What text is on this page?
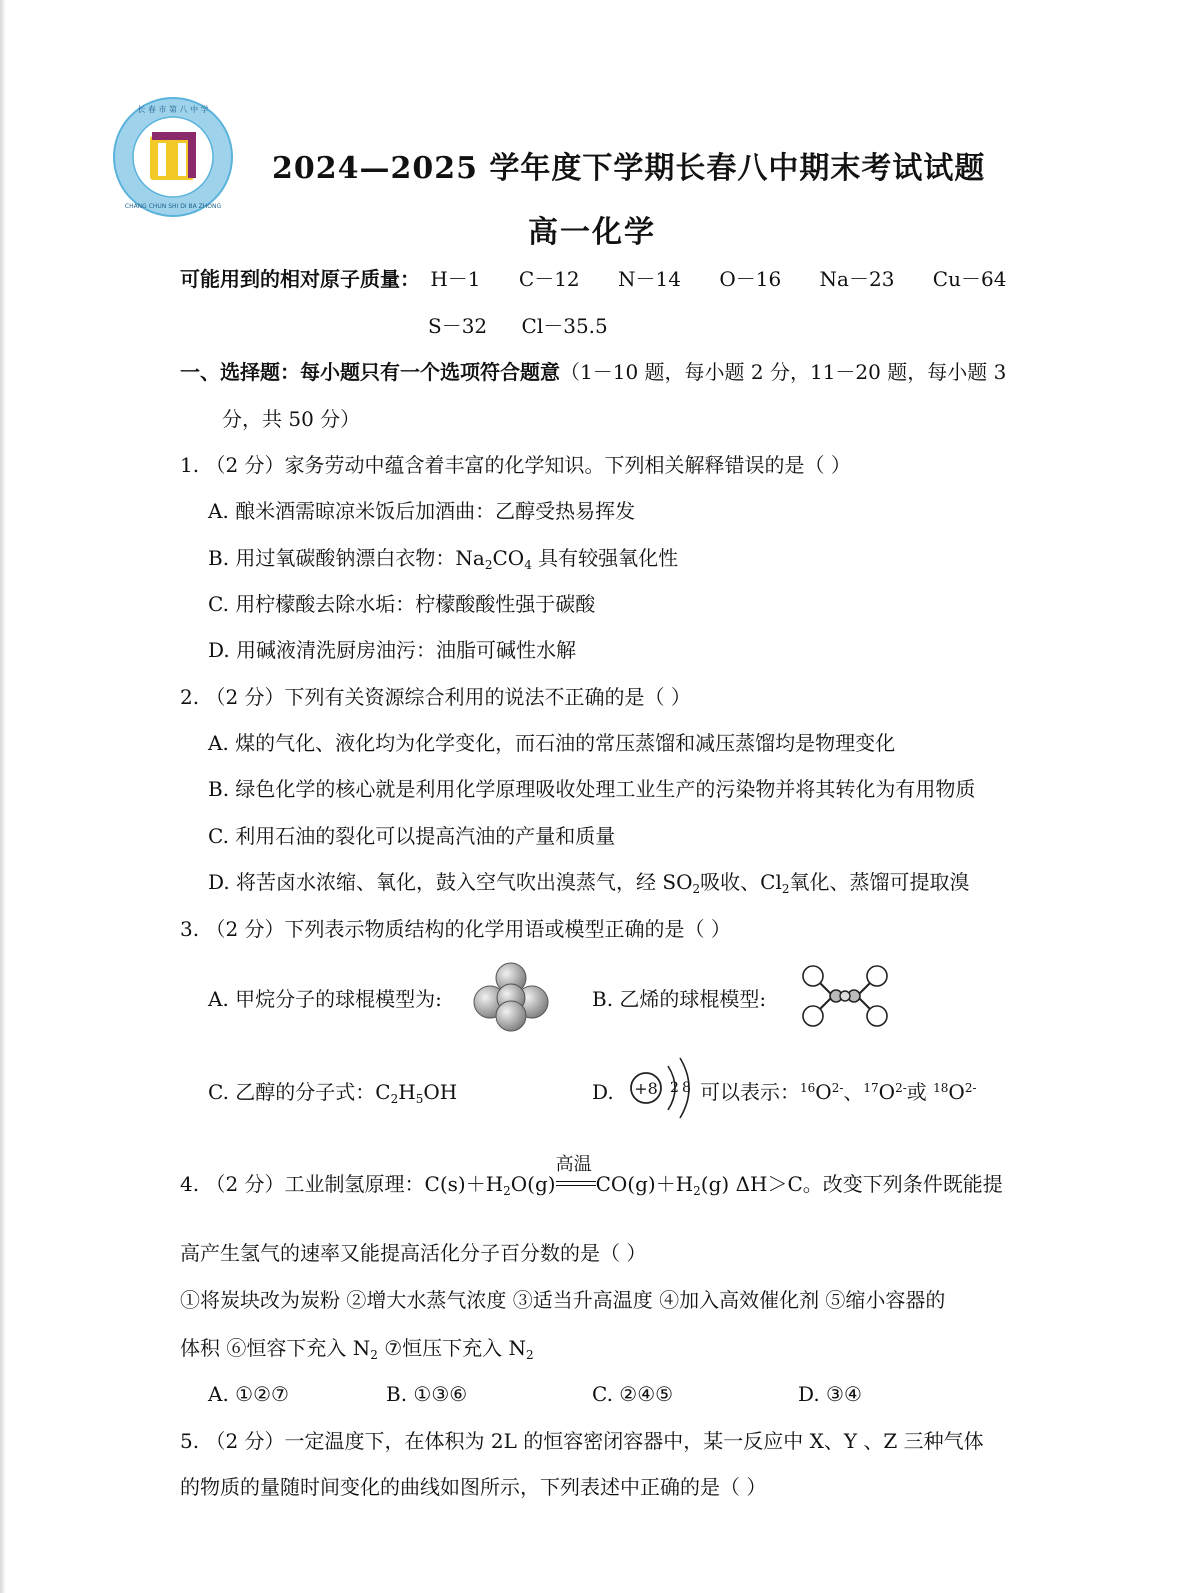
长 春 市 第 八 中 学
CHANG CHUN SHI DI BA ZHONG
2024—2025 学年度下学期长春八中期末考试试题
高一化学
可能用到的相对原子质量： H－1 C－12 N－14 O－16 Na－23 Cu－64
S－32 Cl－35.5
一、选择题：每小题只有一个选项符合题意（1－10 题，每小题 2 分，11－20 题，每小题 3
分，共 50 分）
1. （2 分）家务劳动中蕴含着丰富的化学知识。下列相关解释错误的是（ ）
A. 酿米酒需晾凉米饭后加酒曲：乙醇受热易挥发
B. 用过氧碳酸钠漂白衣物：$Na_2CO_4$ 具有较强氧化性
C. 用柠檬酸去除水垢：柠檬酸酸性强于碳酸
D. 用碱液清洗厨房油污：油脂可碱性水解
2. （2 分）下列有关资源综合利用的说法不正确的是（ ）
A. 煤的气化、液化均为化学变化，而石油的常压蒸馏和减压蒸馏均是物理变化
B. 绿色化学的核心就是利用化学原理吸收处理工业生产的污染物并将其转化为有用物质
C. 利用石油的裂化可以提高汽油的产量和质量
D. 将苦卤水浓缩、氧化，鼓入空气吹出溴蒸气，经 $SO_2$吸收、$Cl_2$氧化、蒸馏可提取溴
3. （2 分）下列表示物质结构的化学用语或模型正确的是（ ）
A. 甲烷分子的球棍模型为:	B. 乙烯的球棍模型:
C. 乙醇的分子式：$C_2H_5OH$	D. +8 2 8 可以表示：$^{16}O^{2-}$、$^{17}O^{2-}$或 $^{18}O^{2-}$
4. （2 分）工业制氢原理：$C(s)+H_2O(g)$
高温
$CO(g)+H_2(g)$ ΔH＞C。改变下列条件既能提
高产生氢气的速率又能提高活化分子百分数的是（ ）
①将炭块改为炭粉 ②增大水蒸气浓度 ③适当升高温度 ④加入高效催化剂 ⑤缩小容器的
体积 ⑥恒容下充入 $N_2$ ⑦恒压下充入 $N_2$
A. ①②⑦	B. ①③⑥	C. ②④⑤	D. ③④
5. （2 分）一定温度下，在体积为 2L 的恒容密闭容器中，某一反应中 X、Y 、Z 三种气体
的物质的量随时间变化的曲线如图所示，下列表述中正确的是（ ）
